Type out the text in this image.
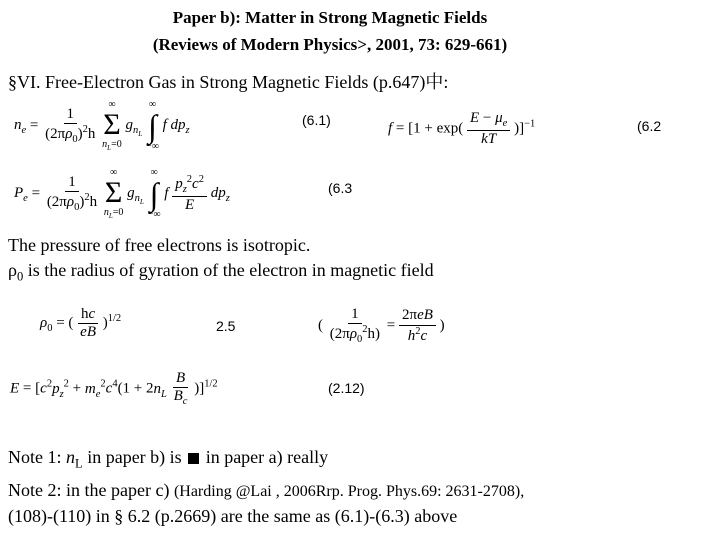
Paper b): Matter in Strong Magnetic Fields
(Reviews of Modern Physics>, 2001, 73: 629-661)
§VI. Free-Electron Gas in Strong Magnetic Fields (p.647)中:
$n_e = \frac{1}{(2\pi\rho_0)^2h}$

∞
Σ
$n_L=0$
$g_{n_L}$
∞
∫
−∞
f $dp_z$
(6.1)
$f = [1 + \exp( \frac{E - \mu_e}{kT} )]^{-1}$	(6.2
$P_e = \frac{1}{(2\pi\rho_0)^2h}$

∞
Σ
$n_L=0$
$g_{n_L}$
∞
∫
−∞
f $\frac{p_z^2c^2}{E} dp_z$
(6.3
The pressure of free electrons is isotropic.
$\rho_0$ is the radius of gyration of the electron in magnetic field
$\rho_0$ = ( $\frac{hc}{eB} )^{1/2}$	2.5	( $\frac{1}{(2\pi\rho_0^2h)} = \frac{\text{2πeB}}{h^2c}$ )
$E = [c^2p_z^2 + m_e^2c^4(1 + 2n_L \frac{B}{B_c} )]^{1/2}$	(2.12)
Note 1: $n_L$ in paper b) is  in paper a) really
Note 2: in the paper c) (Harding @Lai , 2006Rrp. Prog. Phys.69: 2631-2708),
(108)-(110) in § 6.2 (p.2669) are the same as (6.1)-(6.3) above
